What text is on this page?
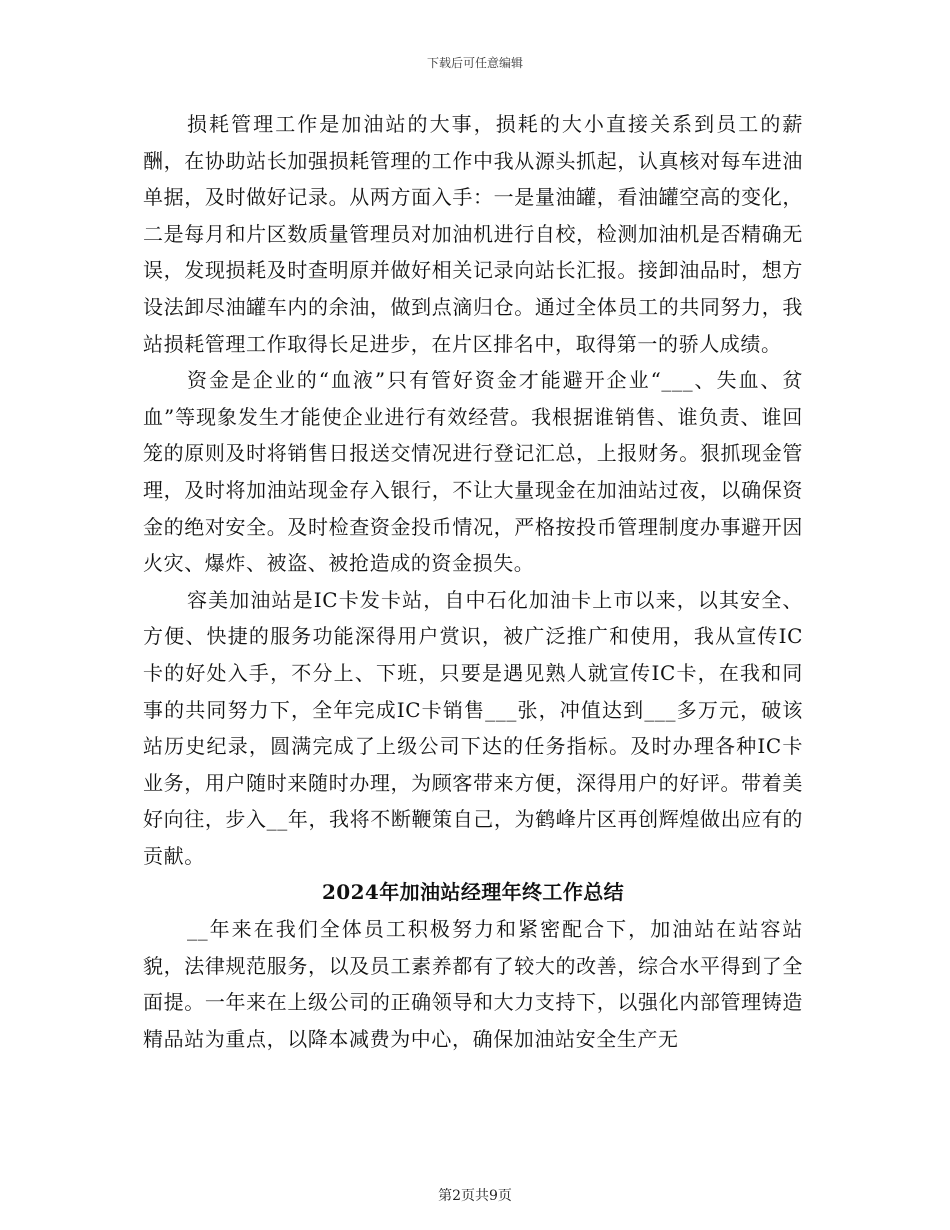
下载后可任意编辑

损耗管理工作是加油站的大事，损耗的大小直接关系到员工的薪酬，在协助站长加强损耗管理的工作中我从源头抓起，认真核对每车进油单据，及时做好记录。从两方面入手：一是量油罐，看油罐空高的变化，二是每月和片区数质量管理员对加油机进行自校，检测加油机是否精确无误，发现损耗及时查明原并做好相关记录向站长汇报。接卸油品时，想方设法卸尽油罐车内的余油，做到点滴归仓。通过全体员工的共同努力，我站损耗管理工作取得长足进步，在片区排名中，取得第一的骄人成绩。

资金是企业的“血液”只有管好资金才能避开企业“___、失血、贫血”等现象发生才能使企业进行有效经营。我根据谁销售、谁负责、谁回笼的原则及时将销售日报送交情况进行登记汇总，上报财务。狠抓现金管理，及时将加油站现金存入银行，不让大量现金在加油站过夜，以确保资金的绝对安全。及时检查资金投币情况，严格按投币管理制度办事避开因火灾、爆炸、被盗、被抢造成的资金损失。

容美加油站是IC卡发卡站，自中石化加油卡上市以来，以其安全、方便、快捷的服务功能深得用户赏识，被广泛推广和使用，我从宣传IC卡的好处入手，不分上、下班，只要是遇见熟人就宣传IC卡，在我和同事的共同努力下，全年完成IC卡销售___张，冲值达到___多万元，破该站历史纪录，圆满完成了上级公司下达的任务指标。及时办理各种IC卡业务，用户随时来随时办理，为顾客带来方便，深得用户的好评。带着美好向往，步入__年，我将不断鞭策自己，为鹤峰片区再创辉煌做出应有的贡献。

2024年加油站经理年终工作总结

__年来在我们全体员工积极努力和紧密配合下，加油站在站容站貌，法律规范服务，以及员工素养都有了较大的改善，综合水平得到了全面提。一年来在上级公司的正确领导和大力支持下，以强化内部管理铸造精品站为重点，以降本减费为中心，确保加油站安全生产无

第2页共9页
